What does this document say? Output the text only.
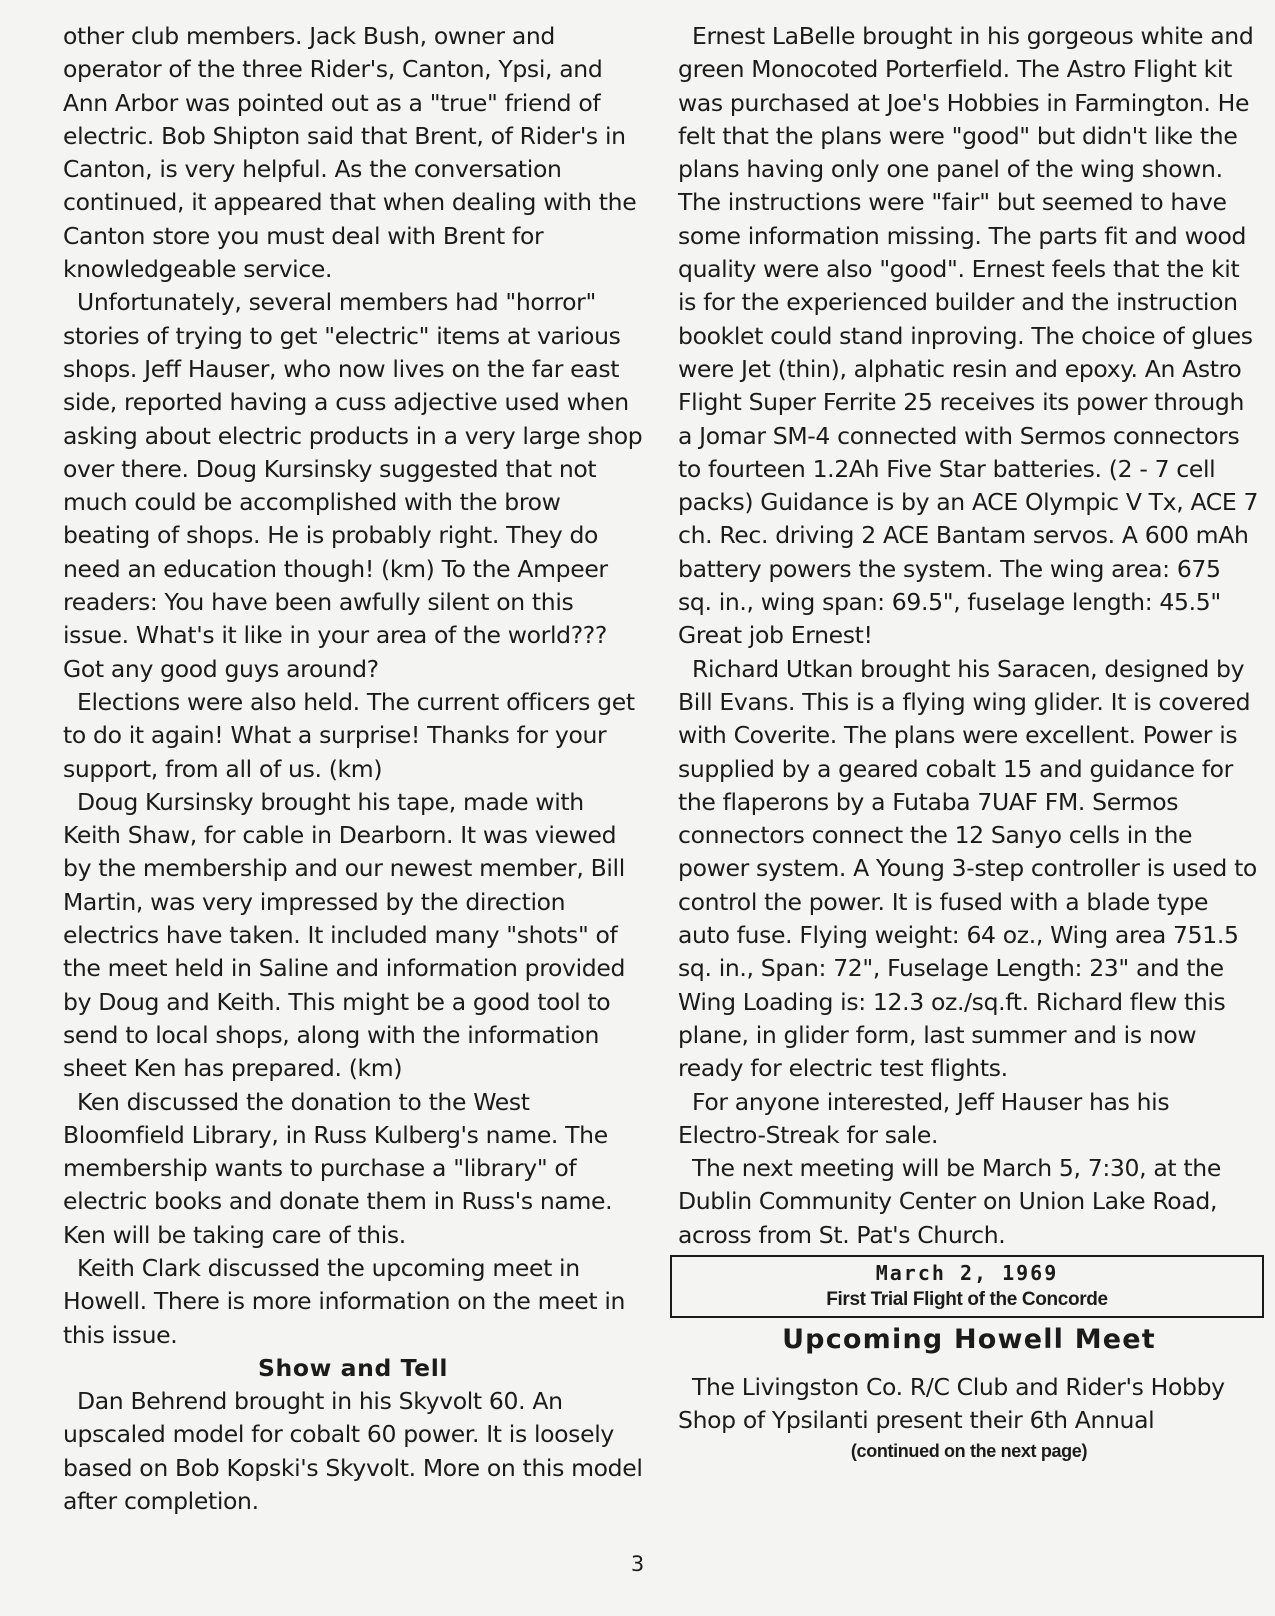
other club members. Jack Bush, owner and operator of the three Rider's, Canton, Ypsi, and Ann Arbor was pointed out as a "true" friend of electric. Bob Shipton said that Brent, of Rider's in Canton, is very helpful. As the conversation continued, it appeared that when dealing with the Canton store you must deal with Brent for knowledgeable service.

Unfortunately, several members had "horror" stories of trying to get "electric" items at various shops. Jeff Hauser, who now lives on the far east side, reported having a cuss adjective used when asking about electric products in a very large shop over there. Doug Kursinsky suggested that not much could be accomplished with the brow beating of shops. He is probably right. They do need an education though! (km) To the Ampeer readers: You have been awfully silent on this issue. What's it like in your area of the world??? Got any good guys around?

Elections were also held. The current officers get to do it again! What a surprise! Thanks for your support, from all of us. (km)

Doug Kursinsky brought his tape, made with Keith Shaw, for cable in Dearborn. It was viewed by the membership and our newest member, Bill Martin, was very impressed by the direction electrics have taken. It included many "shots" of the meet held in Saline and information provided by Doug and Keith. This might be a good tool to send to local shops, along with the information sheet Ken has prepared. (km)

Ken discussed the donation to the West Bloomfield Library, in Russ Kulberg's name. The membership wants to purchase a "library" of electric books and donate them in Russ's name. Ken will be taking care of this.

Keith Clark discussed the upcoming meet in Howell. There is more information on the meet in this issue.

Show and Tell

Dan Behrend brought in his Skyvolt 60. An upscaled model for cobalt 60 power. It is loosely based on Bob Kopski's Skyvolt. More on this model after completion.

Ernest LaBelle brought in his gorgeous white and green Monocoted Porterfield. The Astro Flight kit was purchased at Joe's Hobbies in Farmington. He felt that the plans were "good" but didn't like the plans having only one panel of the wing shown. The instructions were "fair" but seemed to have some information missing. The parts fit and wood quality were also "good". Ernest feels that the kit is for the experienced builder and the instruction booklet could stand inproving. The choice of glues were Jet (thin), alphatic resin and epoxy. An Astro Flight Super Ferrite 25 receives its power through a Jomar SM-4 connected with Sermos connectors to fourteen 1.2Ah Five Star batteries. (2 - 7 cell packs) Guidance is by an ACE Olympic V Tx, ACE 7 ch. Rec. driving 2 ACE Bantam servos. A 600 mAh battery powers the system. The wing area: 675 sq. in., wing span: 69.5", fuselage length: 45.5" Great job Ernest!

Richard Utkan brought his Saracen, designed by Bill Evans. This is a flying wing glider. It is covered with Coverite. The plans were excellent. Power is supplied by a geared cobalt 15 and guidance for the flaperons by a Futaba 7UAF FM. Sermos connectors connect the 12 Sanyo cells in the power system. A Young 3-step controller is used to control the power. It is fused with a blade type auto fuse. Flying weight: 64 oz., Wing area 751.5 sq. in., Span: 72", Fuselage Length: 23" and the Wing Loading is: 12.3 oz./sq.ft. Richard flew this plane, in glider form, last summer and is now ready for electric test flights.

For anyone interested, Jeff Hauser has his Electro-Streak for sale.

The next meeting will be March 5, 7:30, at the Dublin Community Center on Union Lake Road, across from St. Pat's Church.

March 2, 1969
First Trial Flight of the Concorde
Upcoming Howell Meet

The Livingston Co. R/C Club and Rider's Hobby Shop of Ypsilanti present their 6th Annual

(continued on the next page)
3
